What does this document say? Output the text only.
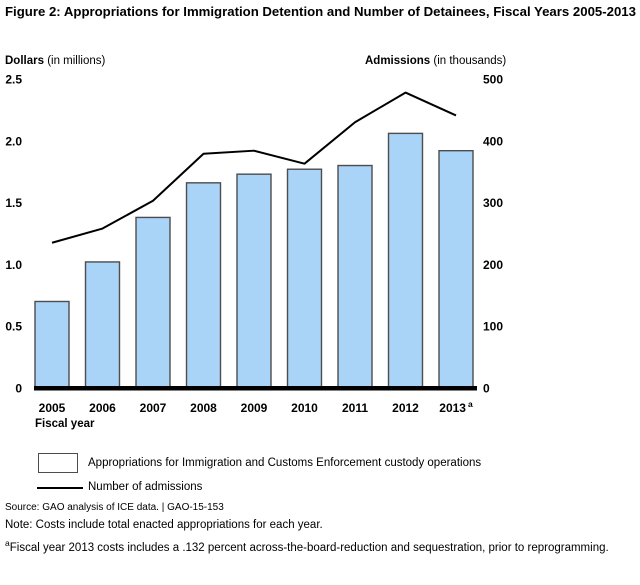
Figure 2: Appropriations for Immigration Detention and Number of Detainees, Fiscal Years 2005-2013
Dollars (in millions)	Admissions (in thousands)
0
0.5
1.0
1.5
2.0
2.5
0
100
200
300
400
500
2005 2006 2007 2008 2009 2010 2011 2012 2013 $^a$
Fiscal year
Appropriations for Immigration and Customs Enforcement custody operations
Number of admissions
Source: GAO analysis of ICE data. | GAO-15-153
Note: Costs include total enacted appropriations for each year.
$^a$Fiscal year 2013 costs includes a .132 percent across-the-board-reduction and sequestration, prior to reprogramming.
